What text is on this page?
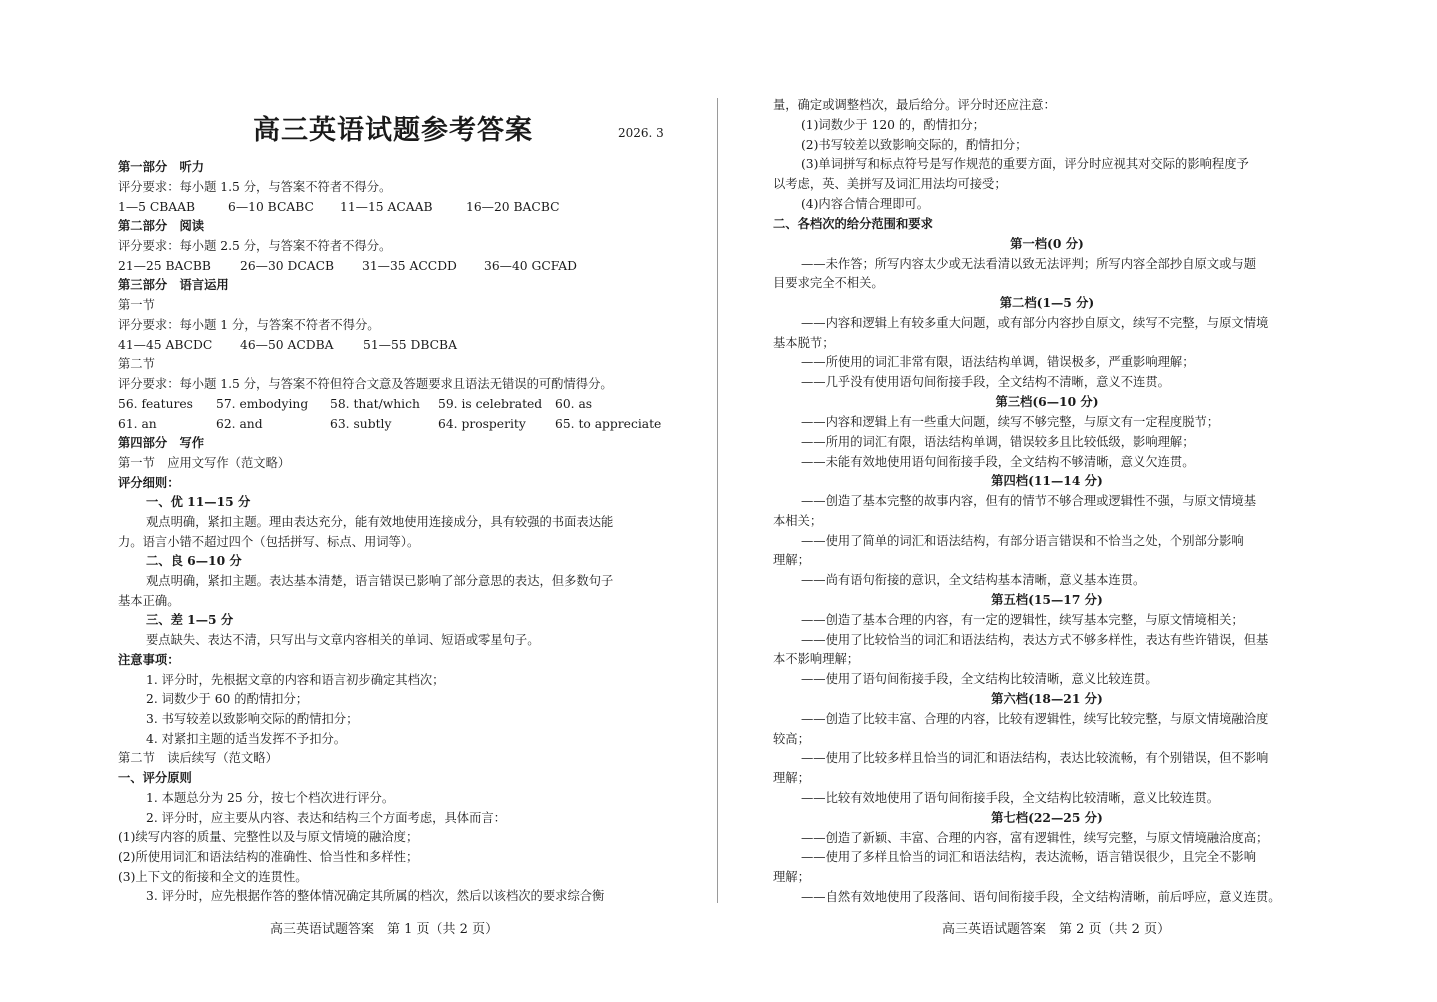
高三英语试题参考答案	2026. 3
第一部分　听力
评分要求：每小题 1.5 分，与答案不符者不得分。
1—5 CBAAB	6—10 BCABC 11—15 ACAAB	16—20 BACBC
第二部分　阅读
评分要求：每小题 2.5 分，与答案不符者不得分。
21—25 BACBB 26—30 DCACB 31—35 ACCDD 36—40 GCFAD
第三部分　语言运用
第一节
评分要求：每小题 1 分，与答案不符者不得分。
41—45 ABCDC 46—50 ACDBA 51—55 DBCBA
第二节
评分要求：每小题 1.5 分，与答案不符但符合文意及答题要求且语法无错误的可酌情得分。
56. features 57. embodying 58. that/which 59. is celebrated 60. as
61. an	62. and	63. subtly	64. prosperity 65. to appreciate
第四部分　写作
第一节　应用文写作（范文略）
评分细则：
一、优 11—15 分
观点明确，紧扣主题。理由表达充分，能有效地使用连接成分，具有较强的书面表达能
力。语言小错不超过四个（包括拼写、标点、用词等）。
二、良 6—10 分
观点明确，紧扣主题。表达基本清楚，语言错误已影响了部分意思的表达，但多数句子
基本正确。
三、差 1—5 分
要点缺失、表达不清，只写出与文章内容相关的单词、短语或零星句子。
注意事项：
1. 评分时，先根据文章的内容和语言初步确定其档次；
2. 词数少于 60 的酌情扣分；
3. 书写较差以致影响交际的酌情扣分；
4. 对紧扣主题的适当发挥不予扣分。
第二节　读后续写（范文略）
一、评分原则
1. 本题总分为 25 分，按七个档次进行评分。
2. 评分时，应主要从内容、表达和结构三个方面考虑，具体而言：
(1)续写内容的质量、完整性以及与原文情境的融洽度；
(2)所使用词汇和语法结构的准确性、恰当性和多样性；
(3)上下文的衔接和全文的连贯性。
3. 评分时，应先根据作答的整体情况确定其所属的档次，然后以该档次的要求综合衡
量，确定或调整档次，最后给分。评分时还应注意：
(1)词数少于 120 的，酌情扣分；
(2)书写较差以致影响交际的，酌情扣分；
(3)单词拼写和标点符号是写作规范的重要方面，评分时应视其对交际的影响程度予
以考虑，英、美拼写及词汇用法均可接受；
(4)内容合情合理即可。
二、各档次的给分范围和要求
第一档(0 分)
——未作答；所写内容太少或无法看清以致无法评判；所写内容全部抄自原文或与题
目要求完全不相关。
第二档(1—5 分)
——内容和逻辑上有较多重大问题，或有部分内容抄自原文，续写不完整，与原文情境
基本脱节；
——所使用的词汇非常有限，语法结构单调，错误极多，严重影响理解；
——几乎没有使用语句间衔接手段，全文结构不清晰，意义不连贯。
第三档(6—10 分)
——内容和逻辑上有一些重大问题，续写不够完整，与原文有一定程度脱节；
——所用的词汇有限，语法结构单调，错误较多且比较低级，影响理解；
——未能有效地使用语句间衔接手段，全文结构不够清晰，意义欠连贯。
第四档(11—14 分)
——创造了基本完整的故事内容，但有的情节不够合理或逻辑性不强，与原文情境基
本相关；
——使用了简单的词汇和语法结构，有部分语言错误和不恰当之处，个别部分影响
理解；
——尚有语句衔接的意识，全文结构基本清晰，意义基本连贯。
第五档(15—17 分)
——创造了基本合理的内容，有一定的逻辑性，续写基本完整，与原文情境相关；
——使用了比较恰当的词汇和语法结构，表达方式不够多样性，表达有些许错误，但基
本不影响理解；
——使用了语句间衔接手段，全文结构比较清晰，意义比较连贯。
第六档(18—21 分)
——创造了比较丰富、合理的内容，比较有逻辑性，续写比较完整，与原文情境融洽度
较高；
——使用了比较多样且恰当的词汇和语法结构，表达比较流畅，有个别错误，但不影响
理解；
——比较有效地使用了语句间衔接手段，全文结构比较清晰，意义比较连贯。
第七档(22—25 分)
——创造了新颖、丰富、合理的内容，富有逻辑性，续写完整，与原文情境融洽度高；
——使用了多样且恰当的词汇和语法结构，表达流畅，语言错误很少，且完全不影响
理解；
——自然有效地使用了段落间、语句间衔接手段，全文结构清晰，前后呼应，意义连贯。
高三英语试题答案　第 1 页（共 2 页）	高三英语试题答案　第 2 页（共 2 页）
